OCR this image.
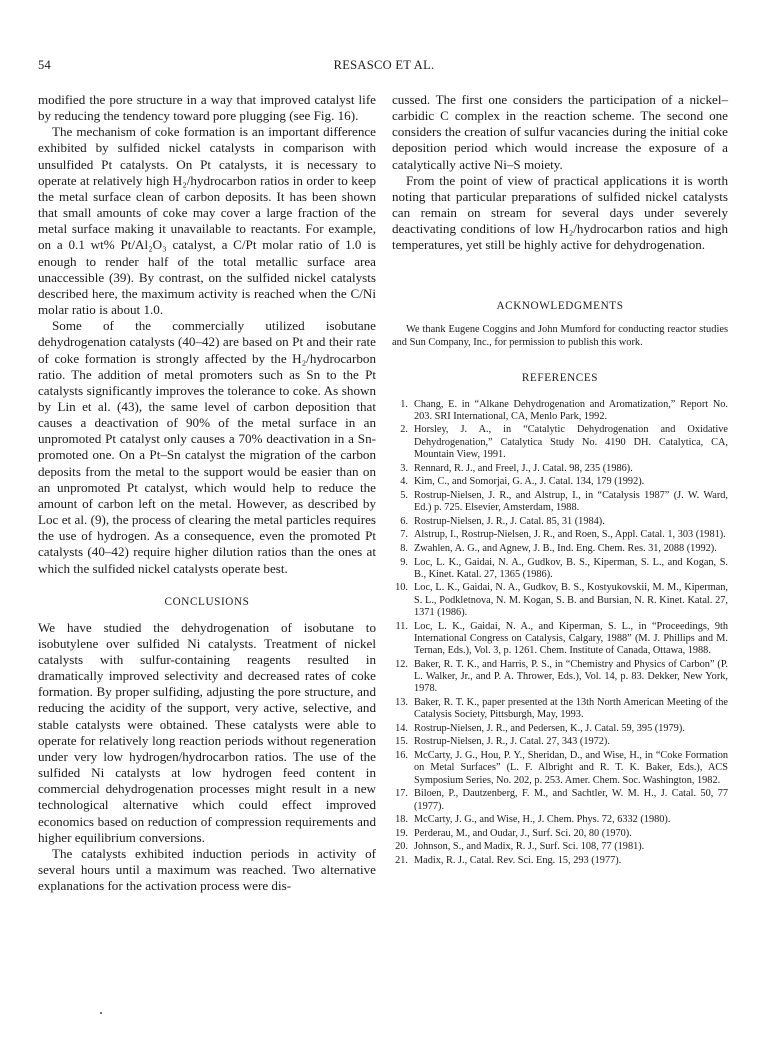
54	RESASCO ET AL.

modified the pore structure in a way that improved catalyst life by reducing the tendency toward pore plugging (see Fig. 16).

The mechanism of coke formation is an important difference exhibited by sulfided nickel catalysts in comparison with unsulfided Pt catalysts. On Pt catalysts, it is necessary to operate at relatively high H₂/hydrocarbon ratios in order to keep the metal surface clean of carbon deposits. It has been shown that small amounts of coke may cover a large fraction of the metal surface making it unavailable to reactants. For example, on a 0.1 wt% Pt/Al₂O₃ catalyst, a C/Pt molar ratio of 1.0 is enough to render half of the total metallic surface area unaccessible (39). By contrast, on the sulfided nickel catalysts described here, the maximum activity is reached when the C/Ni molar ratio is about 1.0.

Some of the commercially utilized isobutane dehydrogenation catalysts (40–42) are based on Pt and their rate of coke formation is strongly affected by the H₂/hydrocarbon ratio. The addition of metal promoters such as Sn to the Pt catalysts significantly improves the tolerance to coke. As shown by Lin et al. (43), the same level of carbon deposition that causes a deactivation of 90% of the metal surface in an unpromoted Pt catalyst only causes a 70% deactivation in a Sn-promoted one. On a Pt–Sn catalyst the migration of the carbon deposits from the metal to the support would be easier than on an unpromoted Pt catalyst, which would help to reduce the amount of carbon left on the metal. However, as described by Loc et al. (9), the process of clearing the metal particles requires the use of hydrogen. As a consequence, even the promoted Pt catalysts (40–42) require higher dilution ratios than the ones at which the sulfided nickel catalysts operate best.

CONCLUSIONS

We have studied the dehydrogenation of isobutane to isobutylene over sulfided Ni catalysts. Treatment of nickel catalysts with sulfur-containing reagents resulted in dramatically improved selectivity and decreased rates of coke formation. By proper sulfiding, adjusting the pore structure, and reducing the acidity of the support, very active, selective, and stable catalysts were obtained. These catalysts were able to operate for relatively long reaction periods without regeneration under very low hydrogen/hydrocarbon ratios. The use of the sulfided Ni catalysts at low hydrogen feed content in commercial dehydrogenation processes might result in a new technological alternative which could effect improved economics based on reduction of compression requirements and higher equilibrium conversions.

The catalysts exhibited induction periods in activity of several hours until a maximum was reached. Two alternative explanations for the activation process were dis-

cussed. The first one considers the participation of a nickel–carbidic C complex in the reaction scheme. The second one considers the creation of sulfur vacancies during the initial coke deposition period which would increase the exposure of a catalytically active Ni–S moiety.

From the point of view of practical applications it is worth noting that particular preparations of sulfided nickel catalysts can remain on stream for several days under severely deactivating conditions of low H₂/hydrocarbon ratios and high temperatures, yet still be highly active for dehydrogenation.

ACKNOWLEDGMENTS

We thank Eugene Coggins and John Mumford for conducting reactor studies and Sun Company, Inc., for permission to publish this work.

REFERENCES

1. Chang, E. in “Alkane Dehydrogenation and Aromatization,” Report No. 203. SRI International, CA, Menlo Park, 1992.
2. Horsley, J. A., in “Catalytic Dehydrogenation and Oxidative Dehydrogenation,” Catalytica Study No. 4190 DH. Catalytica, CA, Mountain View, 1991.
3. Rennard, R. J., and Freel, J., J. Catal. 98, 235 (1986).
4. Kim, C., and Somorjai, G. A., J. Catal. 134, 179 (1992).
5. Rostrup-Nielsen, J. R., and Alstrup, I., in “Catalysis 1987” (J. W. Ward, Ed.) p. 725. Elsevier, Amsterdam, 1988.
6. Rostrup-Nielsen, J. R., J. Catal. 85, 31 (1984).
7. Alstrup, I., Rostrup-Nielsen, J. R., and Roen, S., Appl. Catal. 1, 303 (1981).
8. Zwahlen, A. G., and Agnew, J. B., Ind. Eng. Chem. Res. 31, 2088 (1992).
9. Loc, L. K., Gaidai, N. A., Gudkov, B. S., Kiperman, S. L., and Kogan, S. B., Kinet. Katal. 27, 1365 (1986).
10. Loc, L. K., Gaidai, N. A., Gudkov, B. S., Kostyukovskii, M. M., Kiperman, S. L., Podkletnova, N. M. Kogan, S. B. and Bursian, N. R. Kinet. Katal. 27, 1371 (1986).
11. Loc, L. K., Gaidai, N. A., and Kiperman, S. L., in “Proceedings, 9th International Congress on Catalysis, Calgary, 1988” (M. J. Phillips and M. Ternan, Eds.), Vol. 3, p. 1261. Chem. Institute of Canada, Ottawa, 1988.
12. Baker, R. T. K., and Harris, P. S., in “Chemistry and Physics of Carbon” (P. L. Walker, Jr., and P. A. Thrower, Eds.), Vol. 14, p. 83. Dekker, New York, 1978.
13. Baker, R. T. K., paper presented at the 13th North American Meeting of the Catalysis Society, Pittsburgh, May, 1993.
14. Rostrup-Nielsen, J. R., and Pedersen, K., J. Catal. 59, 395 (1979).
15. Rostrup-Nielsen, J. R., J. Catal. 27, 343 (1972).
16. McCarty, J. G., Hou, P. Y., Sheridan, D., and Wise, H., in “Coke Formation on Metal Surfaces” (L. F. Albright and R. T. K. Baker, Eds.), ACS Symposium Series, No. 202, p. 253. Amer. Chem. Soc. Washington, 1982.
17. Biloen, P., Dautzenberg, F. M., and Sachtler, W. M. H., J. Catal. 50, 77 (1977).
18. McCarty, J. G., and Wise, H., J. Chem. Phys. 72, 6332 (1980).
19. Perderau, M., and Oudar, J., Surf. Sci. 20, 80 (1970).
20. Johnson, S., and Madix, R. J., Surf. Sci. 108, 77 (1981).
21. Madix, R. J., Catal. Rev. Sci. Eng. 15, 293 (1977).
